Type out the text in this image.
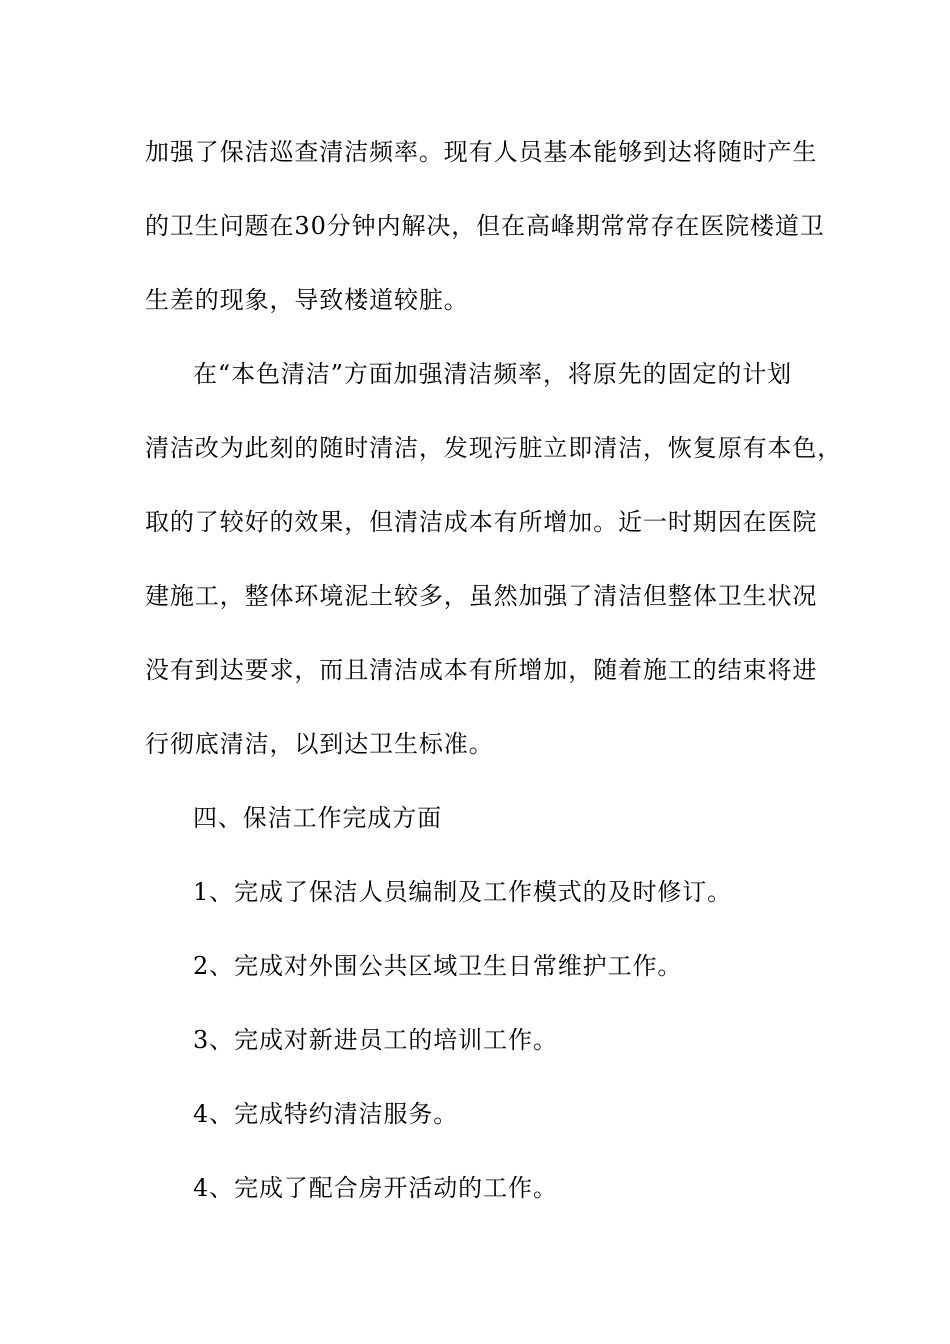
加强了保洁巡查清洁频率。现有人员基本能够到达将随时产生
的卫生问题在30分钟内解决，但在高峰期常常存在医院楼道卫
生差的现象，导致楼道较脏。
在“本色清洁”方面加强清洁频率，将原先的固定的计划
清洁改为此刻的随时清洁，发现污脏立即清洁，恢复原有本色，
取的了较好的效果，但清洁成本有所增加。近一时期因在医院
建施工，整体环境泥土较多，虽然加强了清洁但整体卫生状况
没有到达要求，而且清洁成本有所增加，随着施工的结束将进
行彻底清洁，以到达卫生标准。
四、保洁工作完成方面
1、完成了保洁人员编制及工作模式的及时修订。
2、完成对外围公共区域卫生日常维护工作。
3、完成对新进员工的培训工作。
4、完成特约清洁服务。
4、完成了配合房开活动的工作。
